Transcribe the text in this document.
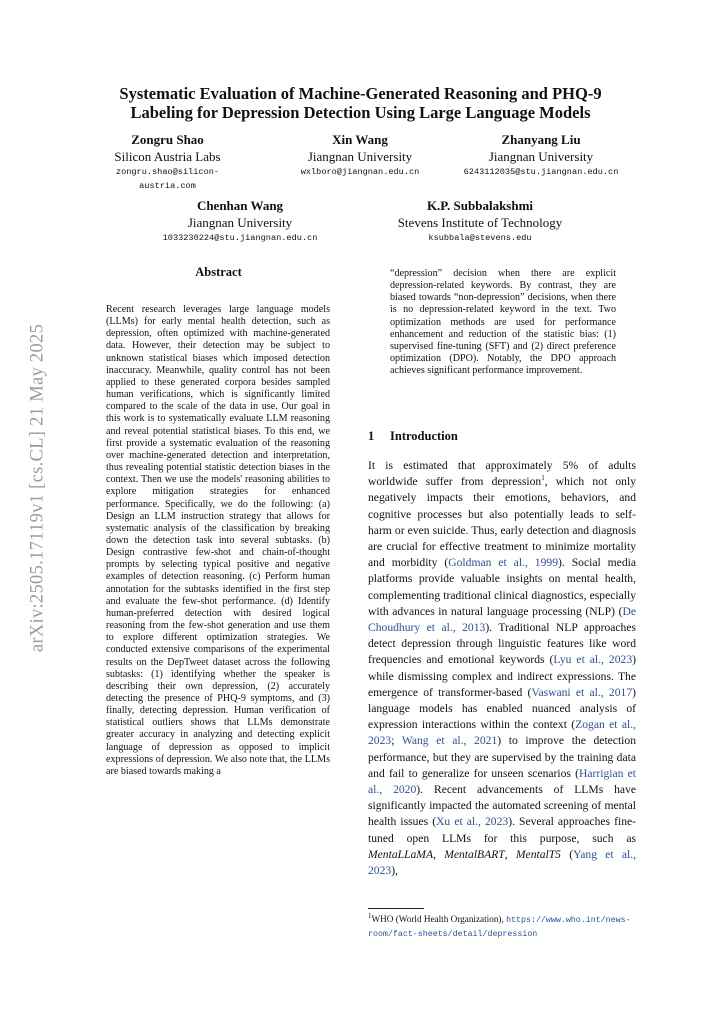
arXiv:2505.17119v1 [cs.CL] 21 May 2025
Systematic Evaluation of Machine-Generated Reasoning and PHQ-9 Labeling for Depression Detection Using Large Language Models
Zongru Shao
Silicon Austria Labs
zongru.shao@silicon-austria.com
Xin Wang
Jiangnan University
wxlboro@jiangnan.edu.cn
Zhanyang Liu
Jiangnan University
6243112035@stu.jiangnan.edu.cn
Chenhan Wang
Jiangnan University
1033230224@stu.jiangnan.edu.cn
K.P. Subbalakshmi
Stevens Institute of Technology
ksubbala@stevens.edu
Abstract
Recent research leverages large language models (LLMs) for early mental health detection, such as depression, often optimized with machine-generated data. However, their detection may be subject to unknown statistical biases which imposed detection inaccuracy. Meanwhile, quality control has not been applied to these generated corpora besides sampled human verifications, which is significantly limited compared to the scale of the data in use. Our goal in this work is to systematically evaluate LLM reasoning and reveal potential statistical biases. To this end, we first provide a systematic evaluation of the reasoning over machine-generated detection and interpretation, thus revealing potential statistic detection biases in the context. Then we use the models' reasoning abilities to explore mitigation strategies for enhanced performance. Specifically, we do the following: (a) Design an LLM instruction strategy that allows for systematic analysis of the classification by breaking down the detection task into several subtasks. (b) Design contrastive few-shot and chain-of-thought prompts by selecting typical positive and negative examples of detection reasoning. (c) Perform human annotation for the subtasks identified in the first step and evaluate the few-shot performance. (d) Identify human-preferred detection with desired logical reasoning from the few-shot generation and use them to explore different optimization strategies. We conducted extensive comparisons of the experimental results on the DepTweet dataset across the following subtasks: (1) identifying whether the speaker is describing their own depression, (2) accurately detecting the presence of PHQ-9 symptoms, and (3) finally, detecting depression. Human verification of statistical outliers shows that LLMs demonstrate greater accuracy in analyzing and detecting explicit language of depression as opposed to implicit expressions of depression. We also note that, the LLMs are biased towards making a
“depression” decision when there are explicit depression-related keywords. By contrast, they are biased towards “non-depression” decisions, when there is no depression-related keyword in the text. Two optimization methods are used for performance enhancement and reduction of the statistic bias: (1) supervised fine-tuning (SFT) and (2) direct preference optimization (DPO). Notably, the DPO approach achieves significant performance improvement.
1 Introduction
It is estimated that approximately 5% of adults worldwide suffer from depression$^1$, which not only negatively impacts their emotions, behaviors, and cognitive processes but also potentially leads to self-harm or even suicide. Thus, early detection and diagnosis are crucial for effective treatment to minimize mortality and morbidity (Goldman et al., 1999). Social media platforms provide valuable insights on mental health, complementing traditional clinical diagnostics, especially with advances in natural language processing (NLP) (De Choudhury et al., 2013). Traditional NLP approaches detect depression through linguistic features like word frequencies and emotional keywords (Lyu et al., 2023) while dismissing complex and indirect expressions. The emergence of transformer-based (Vaswani et al., 2017) language models has enabled nuanced analysis of expression interactions within the context (Zogan et al., 2023; Wang et al., 2021) to improve the detection performance, but they are supervised by the training data and fail to generalize for unseen scenarios (Harrigian et al., 2020). Recent advancements of LLMs have significantly impacted the automated screening of mental health issues (Xu et al., 2023). Several approaches fine-tuned open LLMs for this purpose, such as MentaLLaMA, MentalBART, MentalT5 (Yang et al., 2023),
$^1$WHO (World Health Organization), https://www.who.int/news-room/fact-sheets/detail/depression
